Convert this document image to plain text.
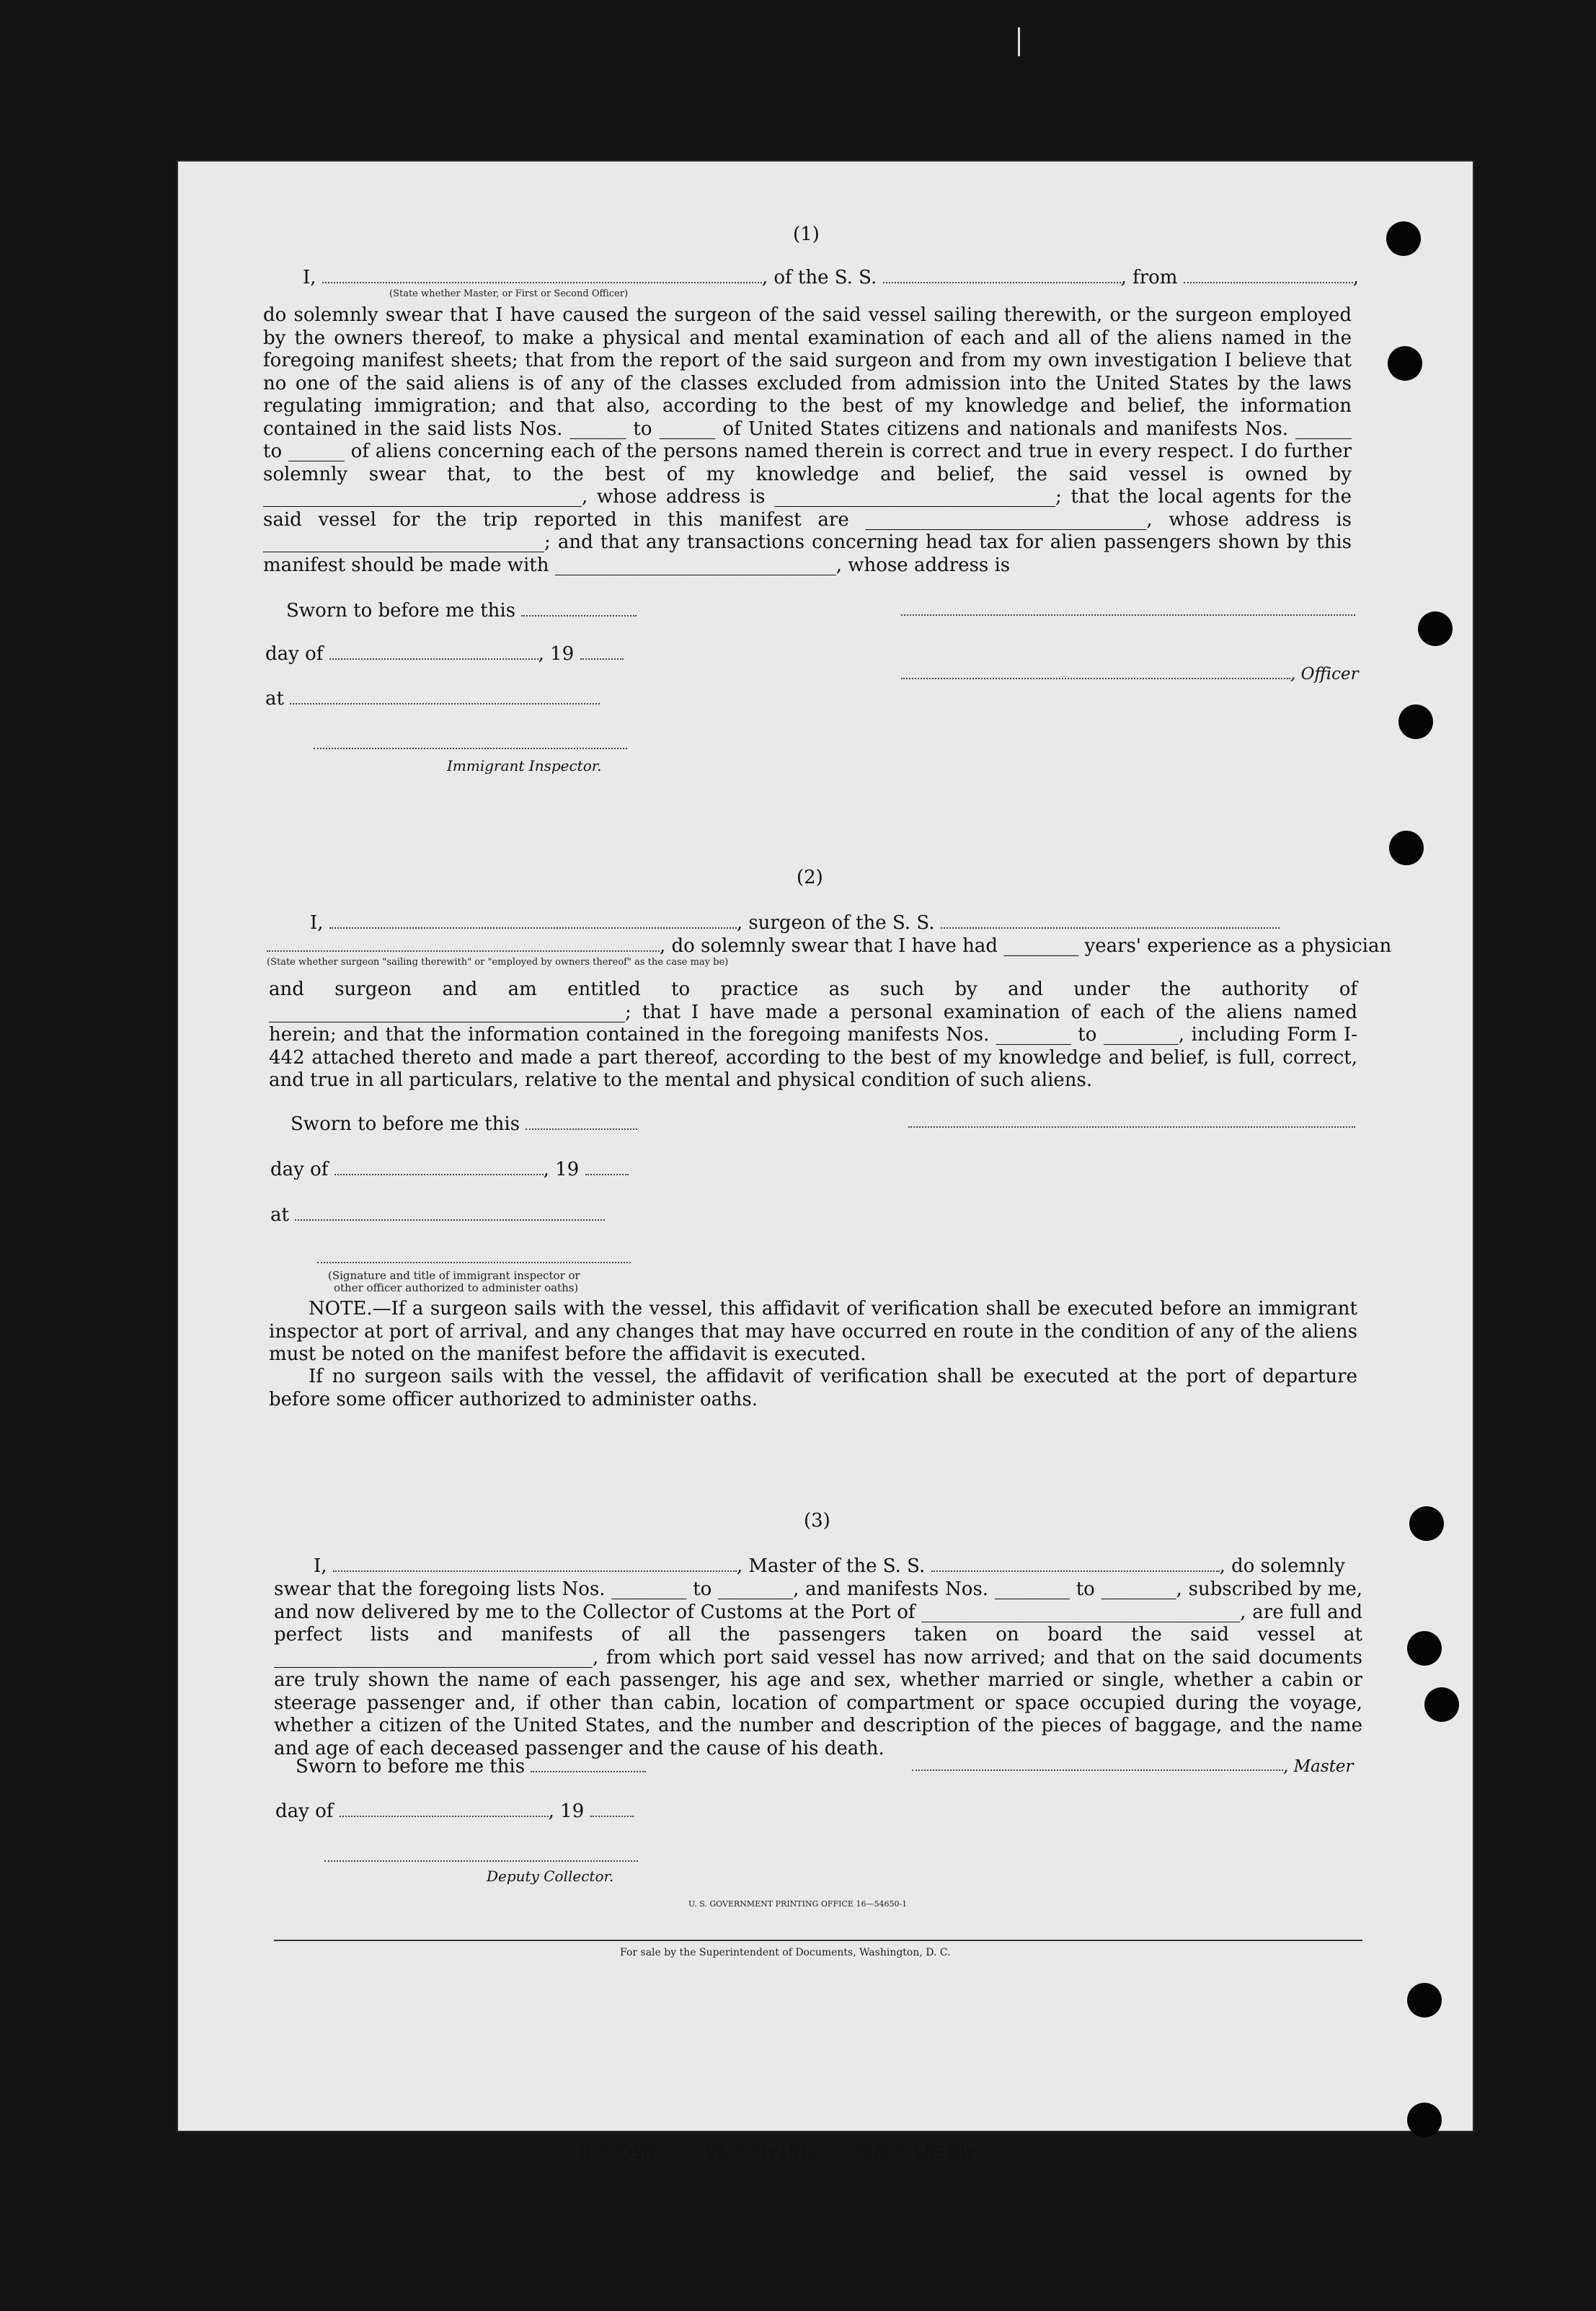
(1)
I,	, of the S. S.	, from	,
(State whether Master, or First or Second Officer)
do solemnly swear that I have caused the surgeon of the said vessel sailing therewith, or the surgeon employed by the owners thereof, to make a physical and mental examination of each and all of the aliens named in the foregoing manifest sheets; that from the report of the said surgeon and from my own investigation I believe that no one of the said aliens is of any of the classes excluded from admission into the United States by the laws regulating immigration; and that also, according to the best of my knowledge and belief, the information contained in the said lists Nos. ______ to ______ of United States citizens and nationals and manifests Nos. ______ to ______ of aliens concerning each of the persons named therein is correct and true in every respect. I do further solemnly swear that, to the best of my knowledge and belief, the said vessel is owned by __________________________________, whose address is ______________________________; that the local agents for the said vessel for the trip reported in this manifest are ______________________________, whose address is ______________________________; and that any transactions concerning head tax for alien passengers shown by this manifest should be made with ______________________________, whose address is
Sworn to before me this
day of	, 19
at
Immigrant Inspector.
, Officer
(2)
I,	, surgeon of the S. S.
, do solemnly swear that I have had ________ years' experience as a physician
(State whether surgeon "sailing therewith" or "employed by owners thereof" as the case may be)
and surgeon and am entitled to practice as such by and under the authority of ______________________________________; that I have made a personal examination of each of the aliens named herein; and that the information contained in the foregoing manifests Nos. ________ to ________, including Form I-442 attached thereto and made a part thereof, according to the best of my knowledge and belief, is full, correct, and true in all particulars, relative to the mental and physical condition of such aliens.
Sworn to before me this
day of	, 19
at
(Signature and title of immigrant inspector or
other officer authorized to administer oaths)
NOTE.—If a surgeon sails with the vessel, this affidavit of verification shall be executed before an immigrant inspector at port of arrival, and any changes that may have occurred en route in the condition of any of the aliens must be noted on the manifest before the affidavit is executed.
If no surgeon sails with the vessel, the affidavit of verification shall be executed at the port of departure before some officer authorized to administer oaths.
(3)
I,	, Master of the S. S.	, do solemnly
swear that the foregoing lists Nos. ________ to ________, and manifests Nos. ________ to ________, subscribed by me, and now delivered by me to the Collector of Customs at the Port of __________________________________, are full and perfect lists and manifests of all the passengers taken on board the said vessel at __________________________________, from which port said vessel has now arrived; and that on the said documents are truly shown the name of each passenger, his age and sex, whether married or single, whether a cabin or steerage passenger and, if other than cabin, location of compartment or space occupied during the voyage, whether a citizen of the United States, and the number and description of the pieces of baggage, and the name and age of each deceased passenger and the cause of his death.
Sworn to before me this
day of	, 19
Deputy Collector.
, Master
U. S. GOVERNMENT PRINTING OFFICE 16—54650-1
For sale by the Superintendent of Documents, Washington, D. C.

ALIENS - 25     TOTAL - 25     USC - 0
